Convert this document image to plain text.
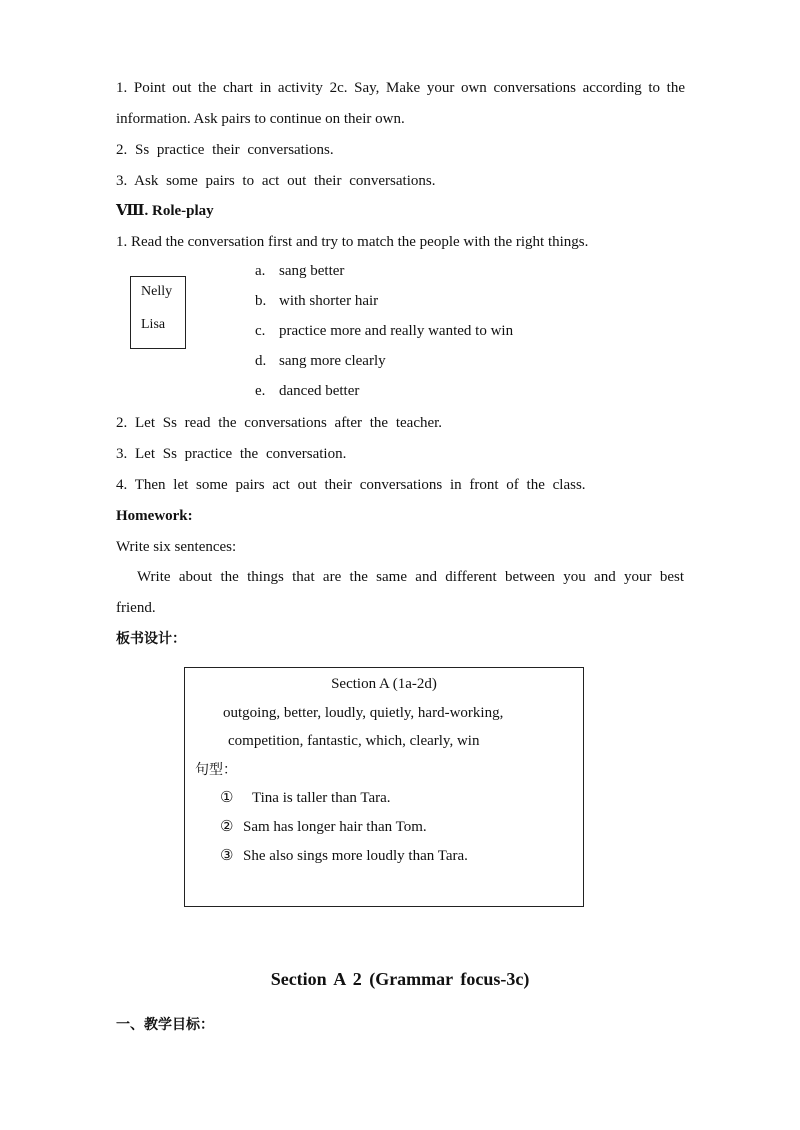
1. Point out the chart in activity 2c. Say, Make your own conversations according to the
information. Ask pairs to continue on their own.
2. Ss practice their conversations.
3. Ask some pairs to act out their conversations.
Ⅷ. Role-play
1. Read the conversation first and try to match the people with the right things.
Nelly
Lisa
a. sang better
b. with shorter hair
c. practice more and really wanted to win
d. sang more clearly
e. danced better
2. Let Ss read the conversations after the teacher.
3. Let Ss practice the conversation.
4. Then let some pairs act out their conversations in front of the class.
Homework:
Write six sentences:
Write about the things that are the same and different between you and your best
friend.
板书设计：
Section A (1a-2d)
outgoing, better, loudly, quietly, hard-working,
competition, fantastic, which, clearly, win
句型：
① Tina is taller than Tara.
② Sam has longer hair than Tom.
③ She also sings more loudly than Tara.
Section A 2 (Grammar focus-3c)
一、教学目标：
